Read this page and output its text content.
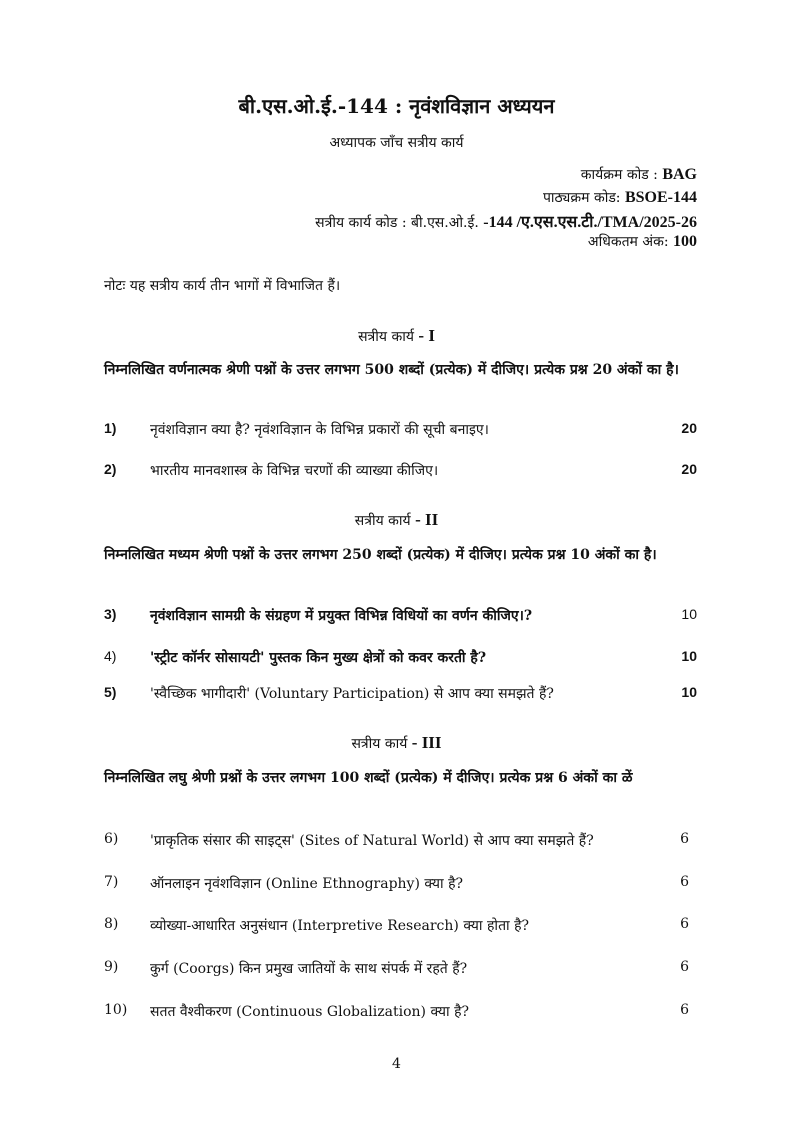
बी.एस.ओ.ई.-144 : नृवंशविज्ञान अध्ययन
अध्यापक जाँच सत्रीय कार्य
कार्यक्रम कोड : BAG
पाठ्यक्रम कोड: BSOE-144
सत्रीय कार्य कोड : बी.एस.ओ.ई. -144 /ए.एस.एस.टी./TMA/2025-26
अधिकतम अंक: 100
नोटः यह सत्रीय कार्य तीन भागों में विभाजित हैं।
सत्रीय कार्य - I
निम्नलिखित वर्णनात्मक श्रेणी पश्नों के उत्तर लगभग 500 शब्दों (प्रत्येक) में दीजिए। प्रत्येक प्रश्न 20 अंकों का है।
1) नृवंशविज्ञान क्या है? नृवंशविज्ञान के विभिन्न प्रकारों की सूची बनाइए।	20
2) भारतीय मानवशास्त्र के विभिन्न चरणों की व्याख्या कीजिए।	20
सत्रीय कार्य - II
निम्नलिखित मध्यम श्रेणी पश्नों के उत्तर लगभग 250 शब्दों (प्रत्येक) में दीजिए। प्रत्येक प्रश्न 10 अंकों का है।
3) नृवंशविज्ञान सामग्री के संग्रहण में प्रयुक्त विभिन्न विधियों का वर्णन कीजिए।?	10
4) 'स्ट्रीट कॉर्नर सोसायटी' पुस्तक किन मुख्य क्षेत्रों को कवर करती है?	10
5) 'स्वैच्छिक भागीदारी' (Voluntary Participation) से आप क्या समझते हैं?	10
सत्रीय कार्य - III
निम्नलिखित लघु श्रेणी प्रश्नों के उत्तर लगभग 100 शब्दों (प्रत्येक) में दीजिए। प्रत्येक प्रश्न 6 अंकों का ळें
6) 'प्राकृतिक संसार की साइट्स' (Sites of Natural World) से आप क्या समझते हैं?	6
7) ऑनलाइन नृवंशविज्ञान (Online Ethnography) क्या है?	6
8) व्योख्या-आधारित अनुसंधान (Interpretive Research) क्या होता है?	6
9) कुर्ग (Coorgs) किन प्रमुख जातियों के साथ संपर्क में रहते हैं?	6
10) सतत वैश्वीकरण (Continuous Globalization) क्या है?	6
4
